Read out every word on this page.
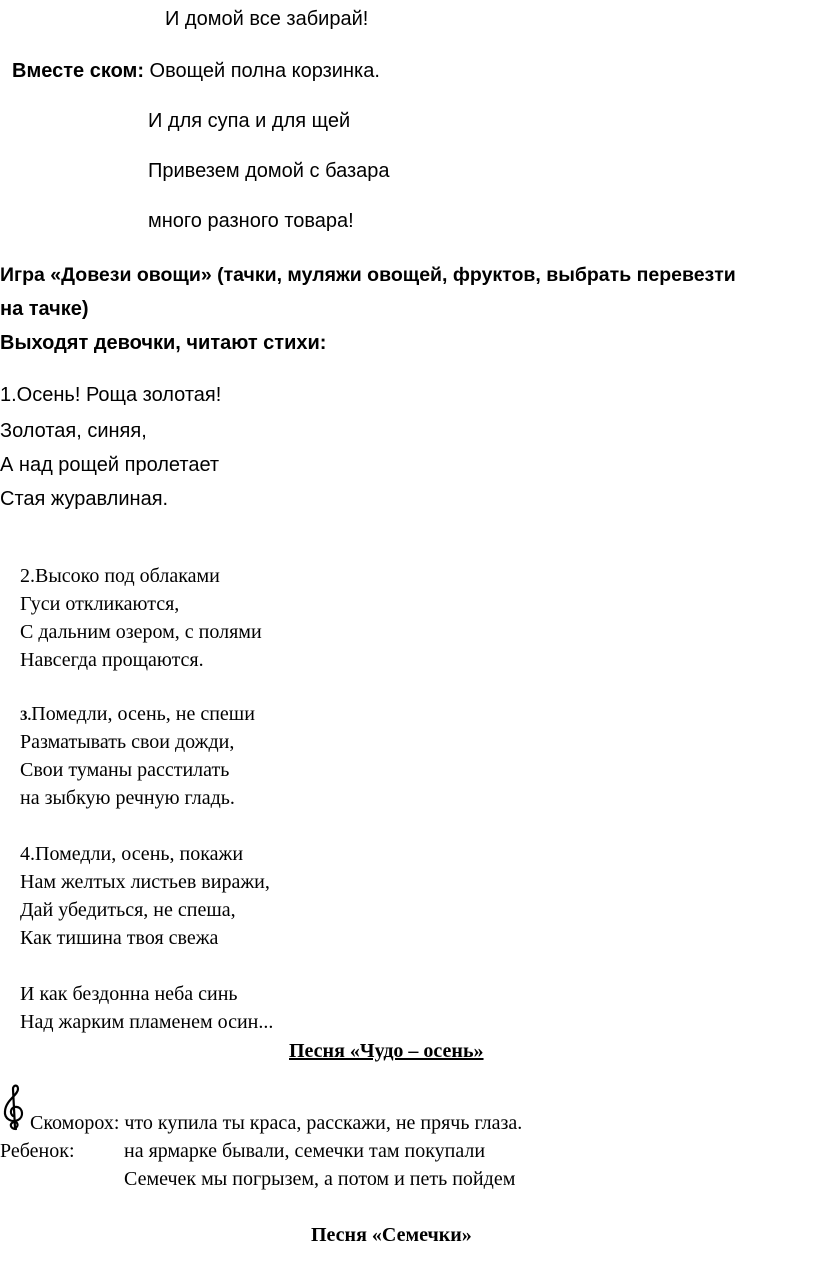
И домой все забирай!
Вместе ском: Овощей полна корзинка.
И для супа и для щей
Привезем домой с базара
много разного товара!
Игра «Довези овощи» (тачки, муляжи овощей, фруктов, выбрать перевезти
на тачке)
Выходят девочки, читают стихи:
1.Осень! Роща золотая!
Золотая, синяя,
А над рощей пролетает
Стая журавлиная.
2.Высоко под облаками
Гуси откликаются,
С дальним озером, с полями
Навсегда прощаются.
3.Помедли, осень, не спеши
Разматывать свои дожди,
Свои туманы расстилать
на зыбкую речную гладь.
4.Помедли, осень, покажи
Нам желтых листьев виражи,
Дай убедиться, не спеша,
Как тишина твоя свежа
И как бездонна неба синь
Над жарким пламенем осин...
Песня «Чудо – осень»
Скоморох: что купила ты краса, расскажи, не прячь глаза.
Ребенок: на ярмарке бывали, семечки там покупали
Семечек мы погрызем, а потом и петь пойдем
Песня «Семечки»
